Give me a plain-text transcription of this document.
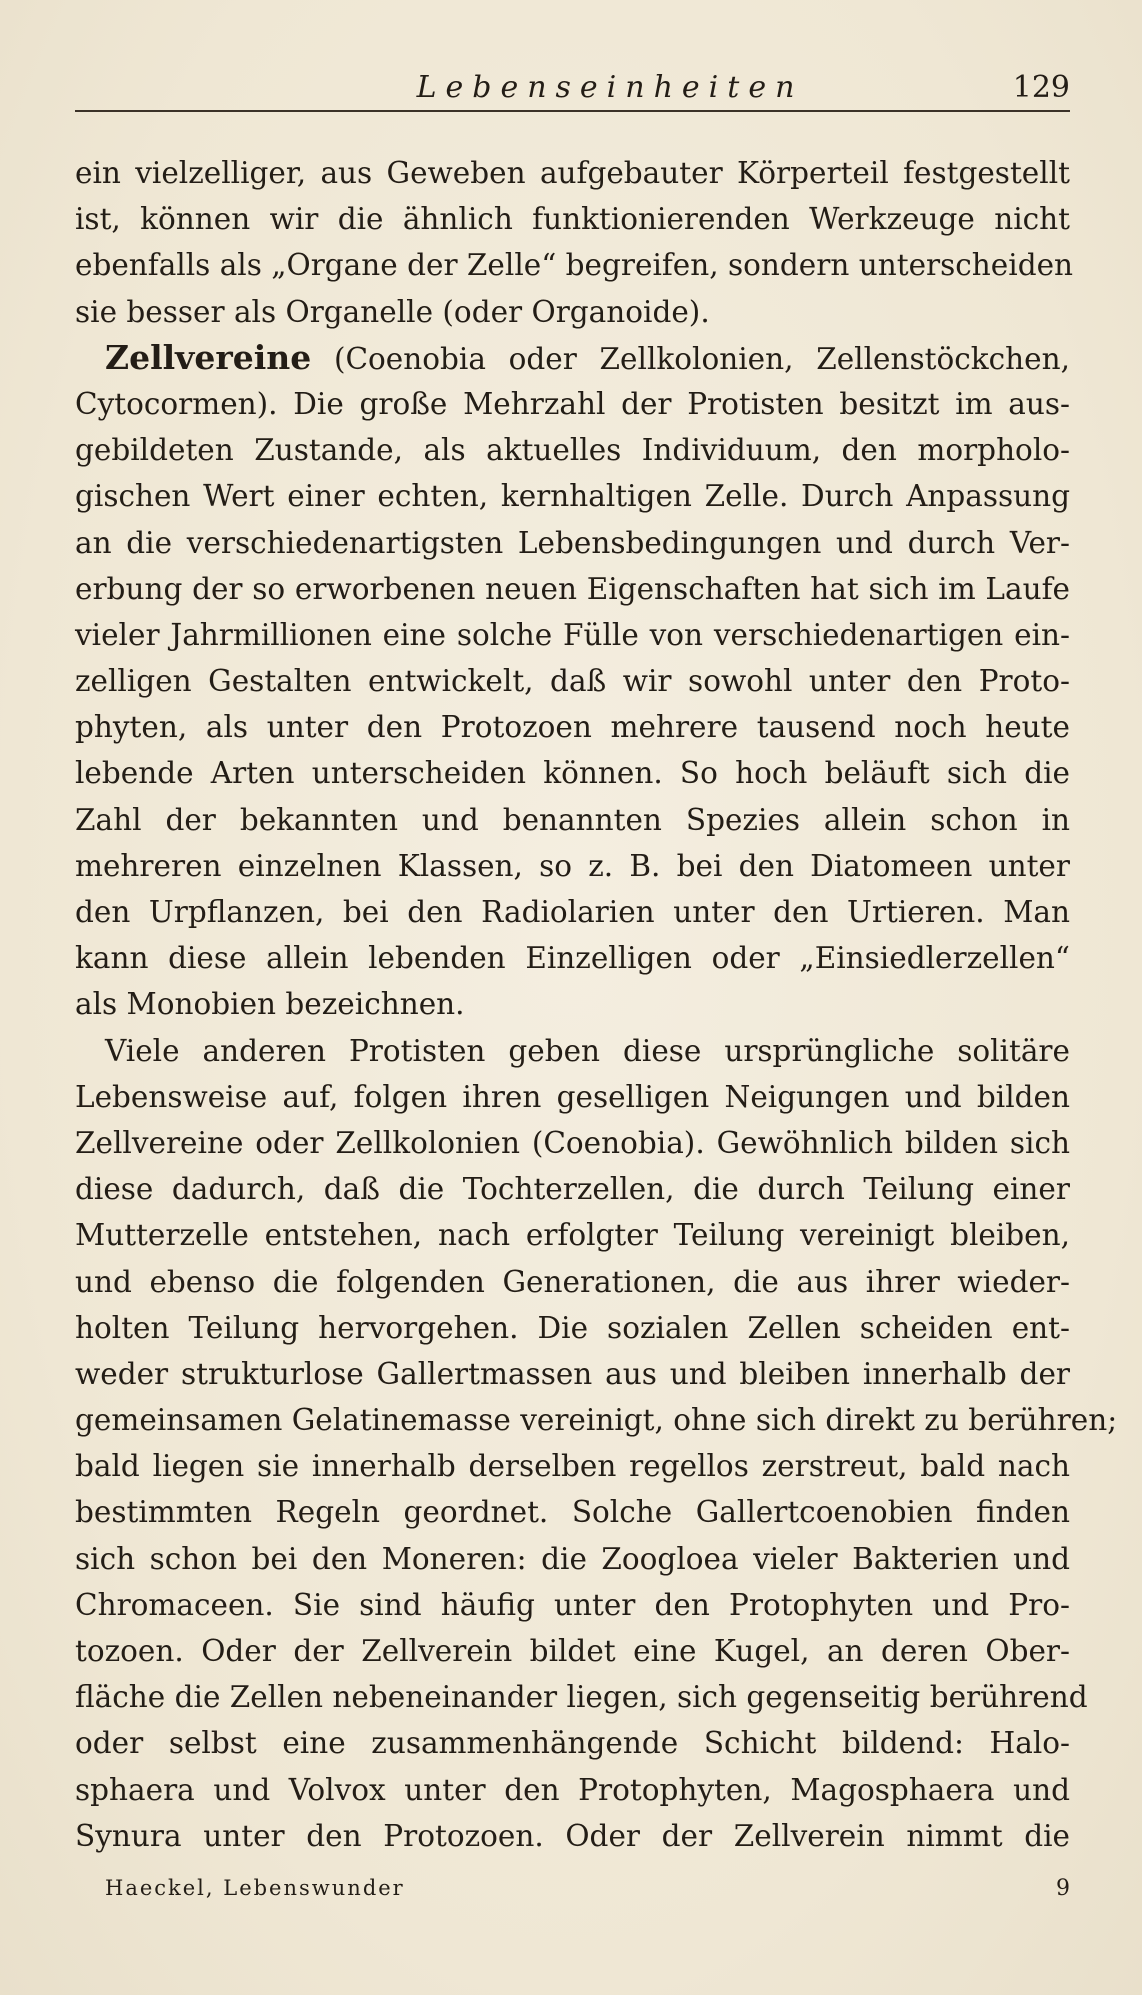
Lebenseinheiten	129
ein vielzelliger, aus Geweben aufgebauter Körperteil festgestellt
ist, können wir die ähnlich funktionierenden Werkzeuge nicht
ebenfalls als „Organe der Zelle“ begreifen, sondern unterscheiden
sie besser als Organelle (oder Organoide).
Zellvereine (Coenobia oder Zellkolonien, Zellenstöckchen,
Cytocormen). Die große Mehrzahl der Protisten besitzt im aus-
gebildeten Zustande, als aktuelles Individuum, den morpholo-
gischen Wert einer echten, kernhaltigen Zelle. Durch Anpassung
an die verschiedenartigsten Lebensbedingungen und durch Ver-
erbung der so erworbenen neuen Eigenschaften hat sich im Laufe
vieler Jahrmillionen eine solche Fülle von verschiedenartigen ein-
zelligen Gestalten entwickelt, daß wir sowohl unter den Proto-
phyten, als unter den Protozoen mehrere tausend noch heute
lebende Arten unterscheiden können. So hoch beläuft sich die
Zahl der bekannten und benannten Spezies allein schon in
mehreren einzelnen Klassen, so z. B. bei den Diatomeen unter
den Urpflanzen, bei den Radiolarien unter den Urtieren. Man
kann diese allein lebenden Einzelligen oder „Einsiedlerzellen“
als Monobien bezeichnen.
Viele anderen Protisten geben diese ursprüngliche solitäre
Lebensweise auf, folgen ihren geselligen Neigungen und bilden
Zellvereine oder Zellkolonien (Coenobia). Gewöhnlich bilden sich
diese dadurch, daß die Tochterzellen, die durch Teilung einer
Mutterzelle entstehen, nach erfolgter Teilung vereinigt bleiben,
und ebenso die folgenden Generationen, die aus ihrer wieder-
holten Teilung hervorgehen. Die sozialen Zellen scheiden ent-
weder strukturlose Gallertmassen aus und bleiben innerhalb der
gemeinsamen Gelatinemasse vereinigt, ohne sich direkt zu berühren;
bald liegen sie innerhalb derselben regellos zerstreut, bald nach
bestimmten Regeln geordnet. Solche Gallertcoenobien finden
sich schon bei den Moneren: die Zoogloea vieler Bakterien und
Chromaceen. Sie sind häufig unter den Protophyten und Pro-
tozoen. Oder der Zellverein bildet eine Kugel, an deren Ober-
fläche die Zellen nebeneinander liegen, sich gegenseitig berührend
oder selbst eine zusammenhängende Schicht bildend: Halo-
sphaera und Volvox unter den Protophyten, Magosphaera und
Synura unter den Protozoen. Oder der Zellverein nimmt die
Haeckel, Lebenswunder	9
